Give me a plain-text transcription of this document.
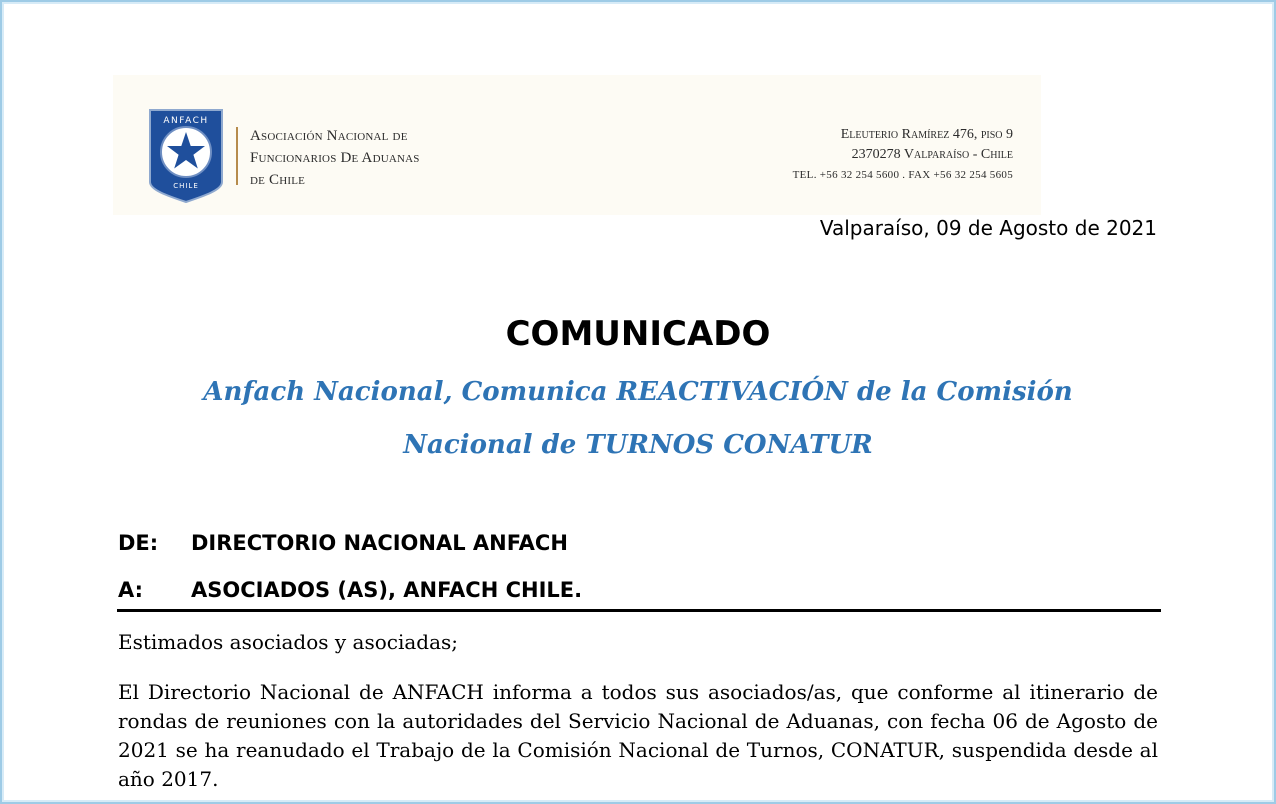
ANFACH
CHILE
Asociación Nacional de
Funcionarios De Aduanas
de Chile
Eleuterio Ramírez 476, piso 9
2370278 Valparaíso - Chile
TEL. +56 32 254 5600 . FAX +56 32 254 5605
Valparaíso, 09 de Agosto de 2021
COMUNICADO
Anfach Nacional, Comunica REACTIVACIÓN de la Comisión
Nacional de TURNOS CONATUR
DE: DIRECTORIO NACIONAL ANFACH
A: ASOCIADOS (AS), ANFACH CHILE.
Estimados asociados y asociadas;
El Directorio Nacional de ANFACH informa a todos sus asociados/as, que conforme al itinerario de rondas de reuniones con la autoridades del Servicio Nacional de Aduanas, con fecha 06 de Agosto de 2021 se ha reanudado el Trabajo de la Comisión Nacional de Turnos, CONATUR, suspendida desde al año 2017.
